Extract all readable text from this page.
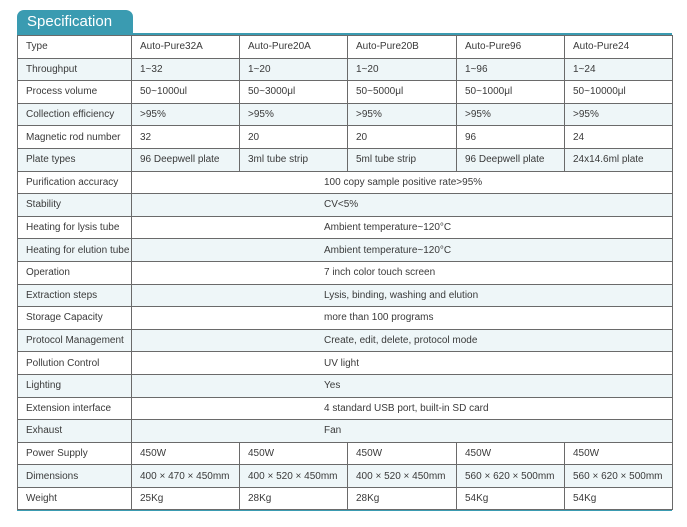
Specification
Type	Auto-Pure32A	Auto-Pure20A	Auto-Pure20B	Auto-Pure96	Auto-Pure24
Throughput	1~32	1~20	1~20	1~96	1~24
Process volume	50~1000ul	50~3000μl	50~5000μl	50~1000μl	50~10000μl
Collection efficiency	>95%	>95%	>95%	>95%	>95%
Magnetic rod number	32	20	20	96	24
Plate types	96 Deepwell plate	3ml tube strip	5ml tube strip	96 Deepwell plate	24x14.6ml plate
Purification accuracy	100 copy sample positive rate>95%				
Stability	CV<5%				
Heating for lysis tube	Ambient temperature~120°C				
Heating for elution tube	Ambient temperature~120°C				
Operation	7 inch color touch screen				
Extraction steps	Lysis, binding, washing and elution				
Storage Capacity	more than 100 programs				
Protocol Management	Create, edit, delete, protocol mode				
Pollution Control	UV light				
Lighting	Yes				
Extension interface	4 standard USB port, built-in SD card				
Exhaust	Fan				
Power Supply	450W	450W	450W	450W	450W
Dimensions	400 × 470 × 450mm	400 × 520 × 450mm	400 × 520 × 450mm	560 × 620 × 500mm	560 × 620 × 500mm
Weight	25Kg	28Kg	28Kg	54Kg	54Kg
